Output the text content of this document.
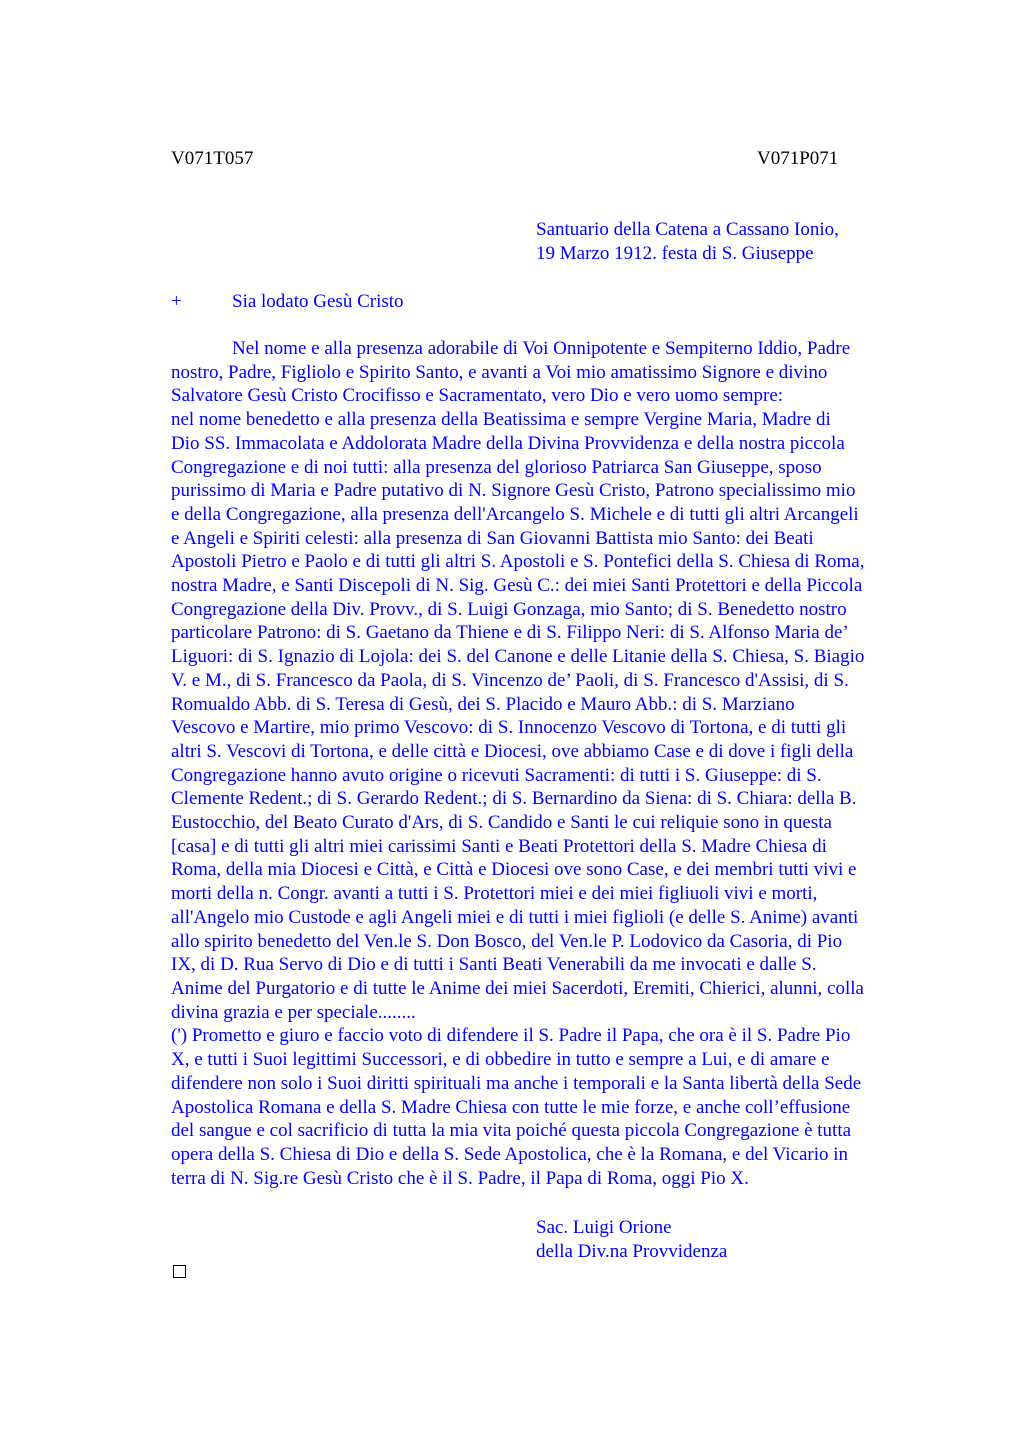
V071T057	V071P071
Santuario della Catena a Cassano Ionio,
19 Marzo 1912. festa di S. Giuseppe
+	Sia lodato Gesù Cristo
Nel nome e alla presenza adorabile di Voi Onnipotente e Sempiterno Iddio, Padre
nostro, Padre, Figliolo e Spirito Santo, e avanti a Voi mio amatissimo Signore e divino
Salvatore Gesù Cristo Crocifisso e Sacramentato, vero Dio e vero uomo sempre:
nel nome benedetto e alla presenza della Beatissima e sempre Vergine Maria, Madre di
Dio SS. Immacolata e Addolorata Madre della Divina Provvidenza e della nostra piccola
Congregazione e di noi tutti: alla presenza del glorioso Patriarca San Giuseppe, sposo
purissimo di Maria e Padre putativo di N. Signore Gesù Cristo, Patrono specialissimo mio
e della Congregazione, alla presenza dell'Arcangelo S. Michele e di tutti gli altri Arcangeli
e Angeli e Spiriti celesti: alla presenza di San Giovanni Battista mio Santo: dei Beati
Apostoli Pietro e Paolo e di tutti gli altri S. Apostoli e S. Pontefici della S. Chiesa di Roma,
nostra Madre, e Santi Discepoli di N. Sig. Gesù C.: dei miei Santi Protettori e della Piccola
Congregazione della Div. Provv., di S. Luigi Gonzaga, mio Santo; di S. Benedetto nostro
particolare Patrono: di S. Gaetano da Thiene e di S. Filippo Neri: di S. Alfonso Maria de’
Liguori: di S. Ignazio di Lojola: dei S. del Canone e delle Litanie della S. Chiesa, S. Biagio
V. e M., di S. Francesco da Paola, di S. Vincenzo de’ Paoli, di S. Francesco d'Assisi, di S.
Romualdo Abb. di S. Teresa di Gesù, dei S. Placido e Mauro Abb.: di S. Marziano
Vescovo e Martire, mio primo Vescovo: di S. Innocenzo Vescovo di Tortona, e di tutti gli
altri S. Vescovi di Tortona, e delle città e Diocesi, ove abbiamo Case e di dove i figli della
Congregazione hanno avuto origine o ricevuti Sacramenti: di tutti i S. Giuseppe: di S.
Clemente Redent.; di S. Gerardo Redent.; di S. Bernardino da Siena: di S. Chiara: della B.
Eustocchio, del Beato Curato d'Ars, di S. Candido e Santi le cui reliquie sono in questa
[casa] e di tutti gli altri miei carissimi Santi e Beati Protettori della S. Madre Chiesa di
Roma, della mia Diocesi e Città, e Città e Diocesi ove sono Case, e dei membri tutti vivi e
morti della n. Congr. avanti a tutti i S. Protettori miei e dei miei figliuoli vivi e morti,
all'Angelo mio Custode e agli Angeli miei e di tutti i miei figlioli (e delle S. Anime) avanti
allo spirito benedetto del Ven.le S. Don Bosco, del Ven.le P. Lodovico da Casoria, di Pio
IX, di D. Rua Servo di Dio e di tutti i Santi Beati Venerabili da me invocati e dalle S.
Anime del Purgatorio e di tutte le Anime dei miei Sacerdoti, Eremiti, Chierici, alunni, colla
divina grazia e per speciale........
(') Prometto e giuro e faccio voto di difendere il S. Padre il Papa, che ora è il S. Padre Pio
X, e tutti i Suoi legittimi Successori, e di obbedire in tutto e sempre a Lui, e di amare e
difendere non solo i Suoi diritti spirituali ma anche i temporali e la Santa libertà della Sede
Apostolica Romana e della S. Madre Chiesa con tutte le mie forze, e anche coll’effusione
del sangue e col sacrificio di tutta la mia vita poiché questa piccola Congregazione è tutta
opera della S. Chiesa di Dio e della S. Sede Apostolica, che è la Romana, e del Vicario in
terra di N. Sig.re Gesù Cristo che è il S. Padre, il Papa di Roma, oggi Pio X.
Sac. Luigi Orione
della Div.na Provvidenza
